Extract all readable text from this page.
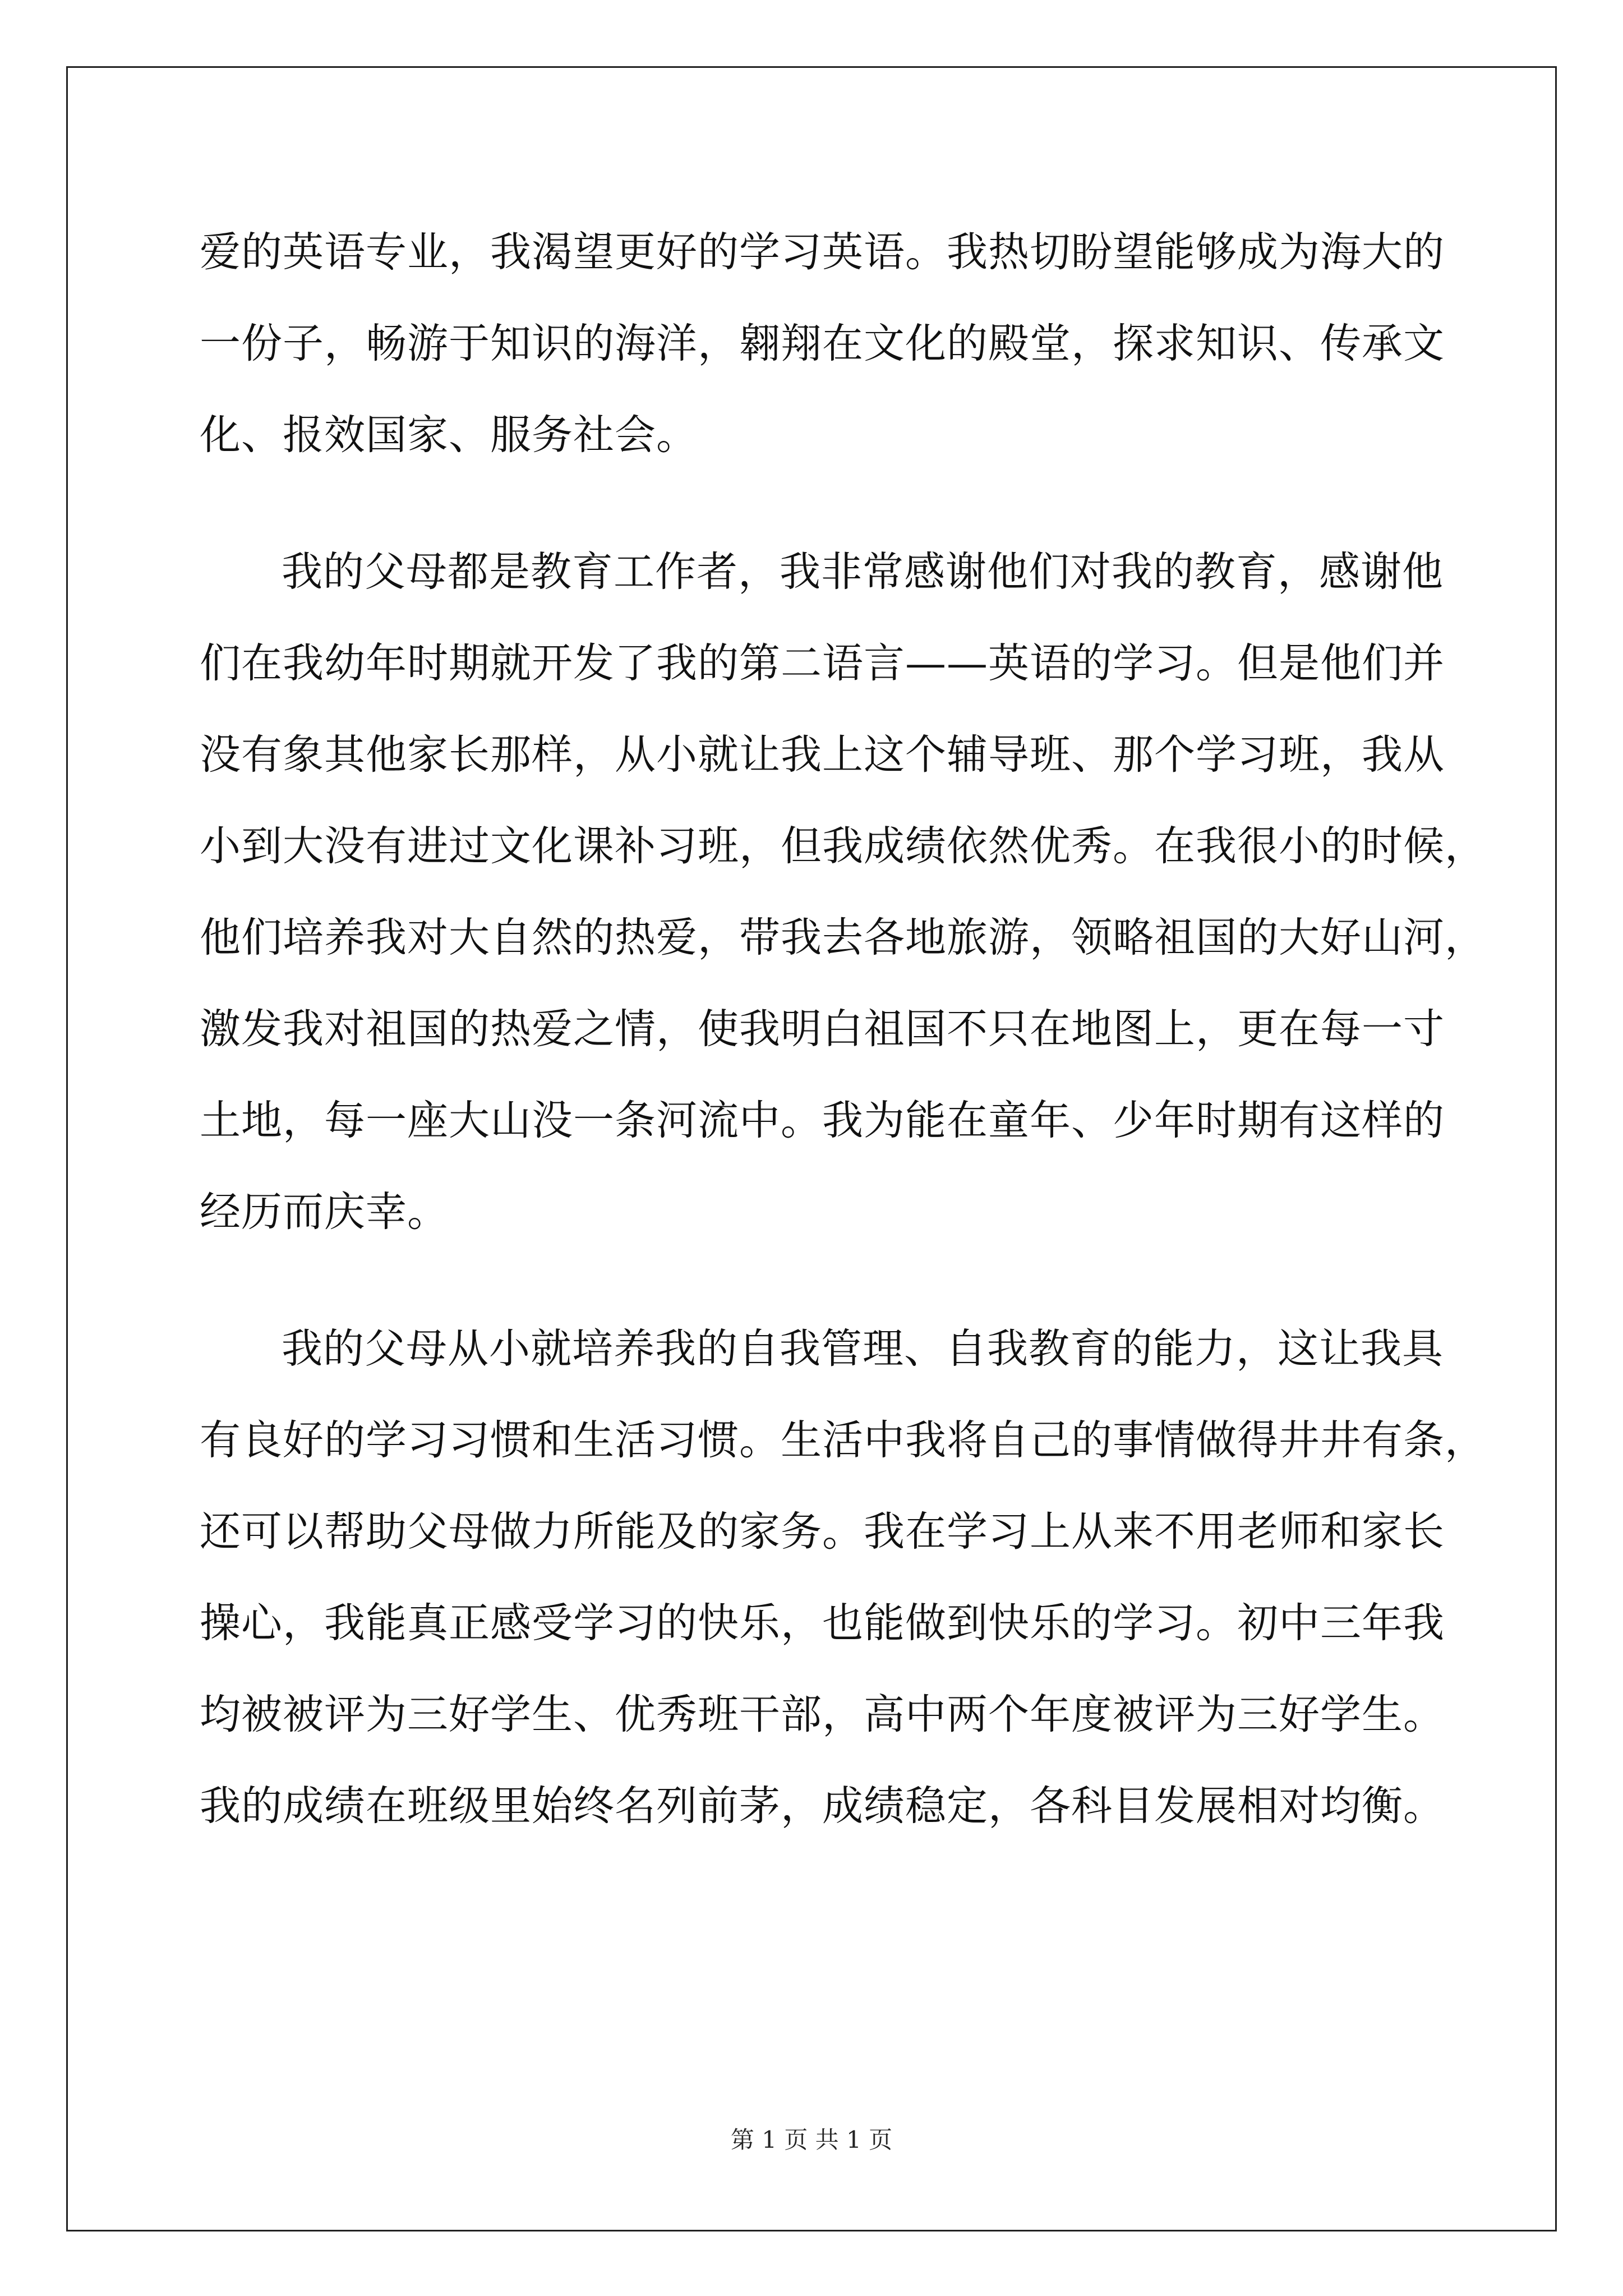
爱的英语专业，我渴望更好的学习英语。我热切盼望能够成为海大的
一份子，畅游于知识的海洋，翱翔在文化的殿堂，探求知识、传承文
化、报效国家、服务社会。
我的父母都是教育工作者，我非常感谢他们对我的教育，感谢他
们在我幼年时期就开发了我的第二语言——英语的学习。但是他们并
没有象其他家长那样，从小就让我上这个辅导班、那个学习班，我从
小到大没有进过文化课补习班，但我成绩依然优秀。在我很小的时候，
他们培养我对大自然的热爱，带我去各地旅游，领略祖国的大好山河，
激发我对祖国的热爱之情，使我明白祖国不只在地图上，更在每一寸
土地，每一座大山没一条河流中。我为能在童年、少年时期有这样的
经历而庆幸。
我的父母从小就培养我的自我管理、自我教育的能力，这让我具
有良好的学习习惯和生活习惯。生活中我将自己的事情做得井井有条，
还可以帮助父母做力所能及的家务。我在学习上从来不用老师和家长
操心，我能真正感受学习的快乐，也能做到快乐的学习。初中三年我
均被被评为三好学生、优秀班干部，高中两个年度被评为三好学生。
我的成绩在班级里始终名列前茅，成绩稳定，各科目发展相对均衡。
第 1 页 共 1 页
